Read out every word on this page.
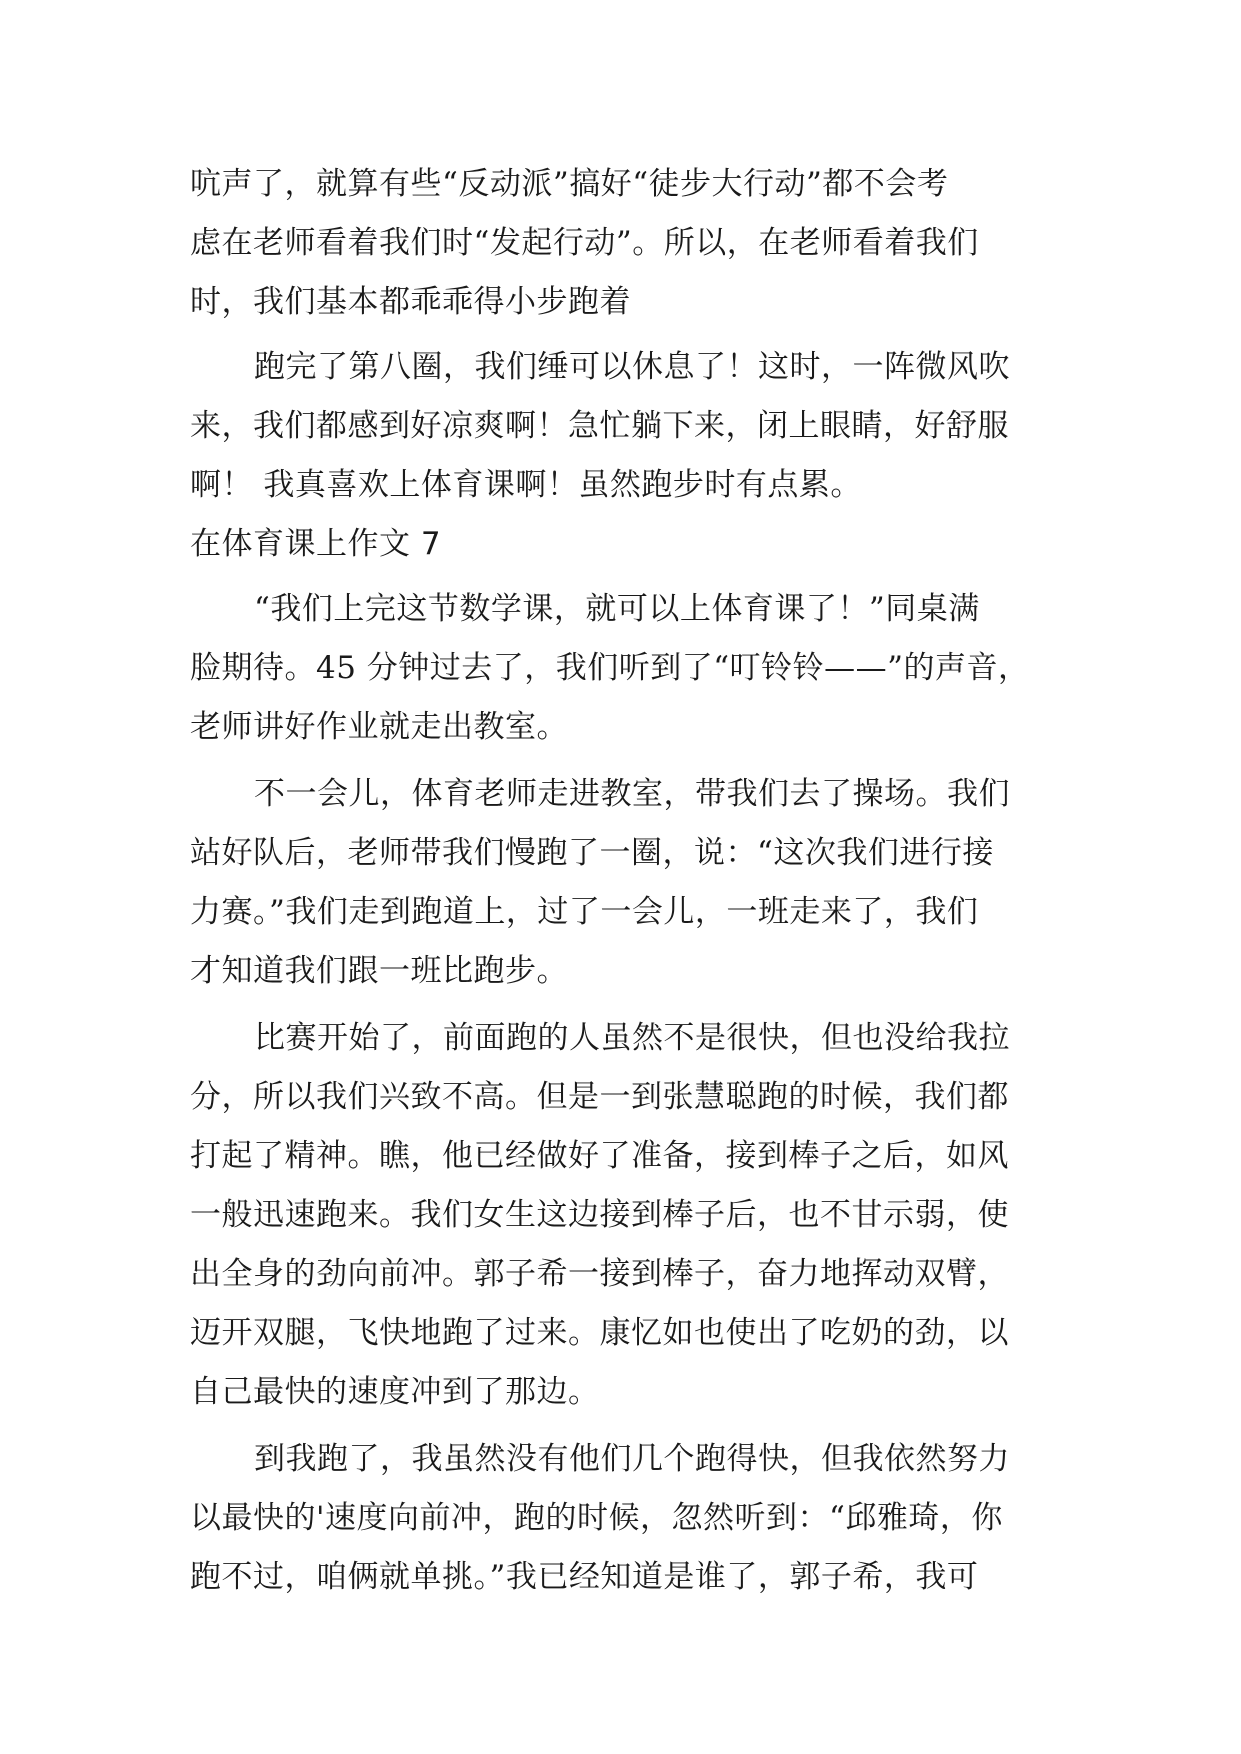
吭声了，就算有些“反动派”搞好“徒步大行动”都不会考
虑在老师看着我们时“发起行动”。所以，在老师看着我们
时，我们基本都乖乖得小步跑着
跑完了第八圈，我们缍可以休息了！这时，一阵微风吹
来，我们都感到好凉爽啊！急忙躺下来，闭上眼睛，好舒服
啊！ 我真喜欢上体育课啊！虽然跑步时有点累。
在体育课上作文 7
“我们上完这节数学课，就可以上体育课了！”同桌满
脸期待。45 分钟过去了，我们听到了“叮铃铃——”的声音，
老师讲好作业就走出教室。
不一会儿，体育老师走进教室，带我们去了操场。我们
站好队后，老师带我们慢跑了一圈，说：“这次我们进行接
力赛。”我们走到跑道上，过了一会儿，一班走来了，我们
才知道我们跟一班比跑步。
比赛开始了，前面跑的人虽然不是很快，但也没给我拉
分，所以我们兴致不高。但是一到张慧聪跑的时候，我们都
打起了精神。瞧，他已经做好了准备，接到棒子之后，如风
一般迅速跑来。我们女生这边接到棒子后，也不甘示弱，使
出全身的劲向前冲。郭子希一接到棒子，奋力地挥动双臂，
迈开双腿，飞快地跑了过来。康忆如也使出了吃奶的劲，以
自己最快的速度冲到了那边。
到我跑了，我虽然没有他们几个跑得快，但我依然努力
以最快的'速度向前冲，跑的时候，忽然听到：“邱雅琦，你
跑不过，咱俩就单挑。”我已经知道是谁了，郭子希，我可
